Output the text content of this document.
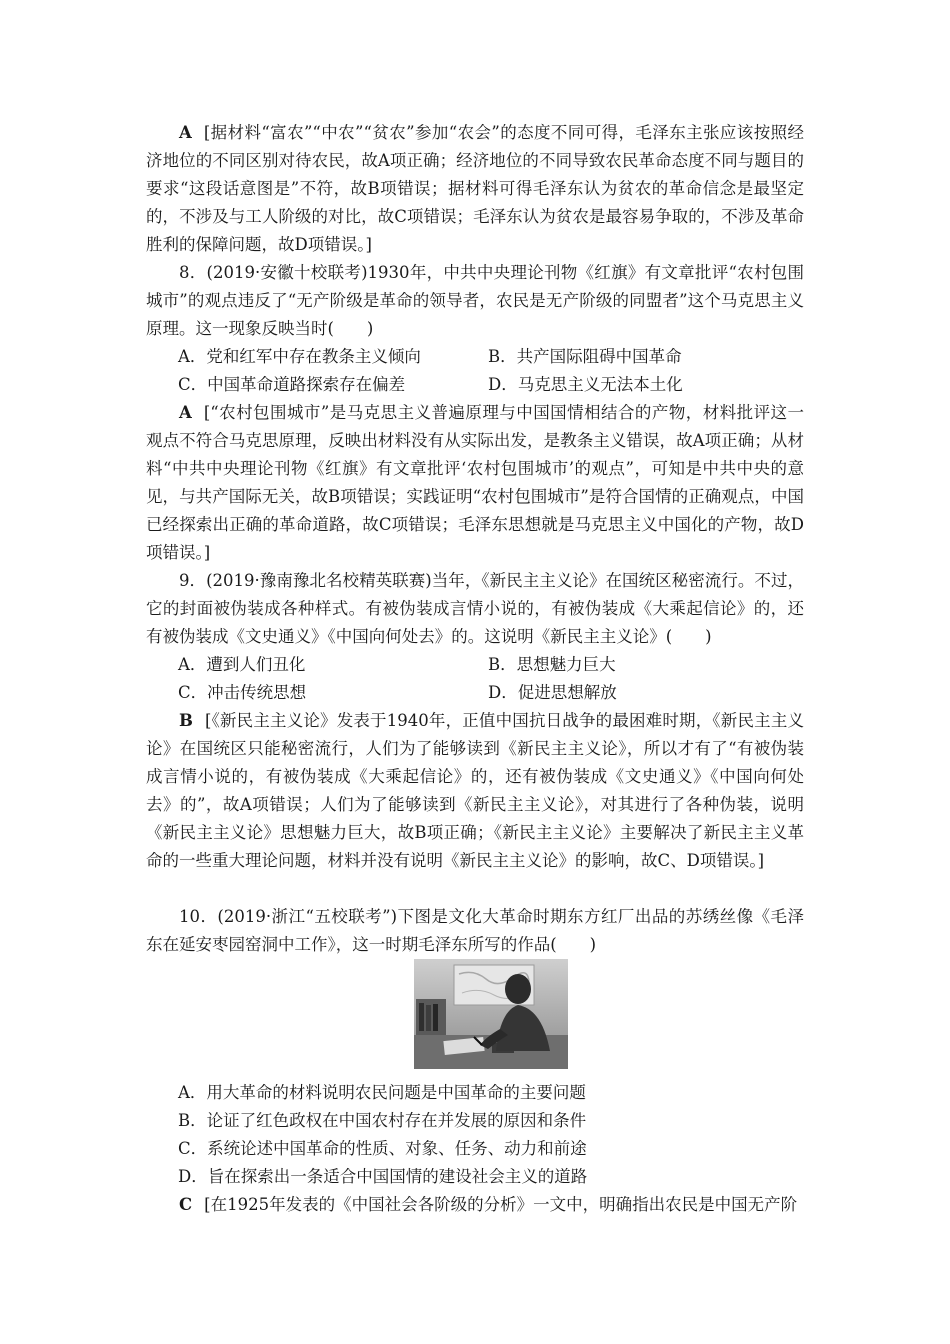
A [据材料“富农”“中农”“贫农”参加“农会”的态度不同可得，毛泽东主张应该按照经济地位的不同区别对待农民，故A项正确；经济地位的不同导致农民革命态度不同与题目的要求“这段话意图是”不符，故B项错误；据材料可得毛泽东认为贫农的革命信念是最坚定的，不涉及与工人阶级的对比，故C项错误；毛泽东认为贫农是最容易争取的，不涉及革命胜利的保障问题，故D项错误。]

8．(2019·安徽十校联考)1930年，中共中央理论刊物《红旗》有文章批评“农村包围城市”的观点违反了“无产阶级是革命的领导者，农民是无产阶级的同盟者”这个马克思主义原理。这一现象反映当时(　　)

A．党和红军中存在教条主义倾向	B．共产国际阻碍中国革命
C．中国革命道路探索存在偏差	D．马克思主义无法本土化

A [“农村包围城市”是马克思主义普遍原理与中国国情相结合的产物，材料批评这一观点不符合马克思原理，反映出材料没有从实际出发，是教条主义错误，故A项正确；从材料“中共中央理论刊物《红旗》有文章批评‘农村包围城市’的观点”，可知是中共中央的意见，与共产国际无关，故B项错误；实践证明“农村包围城市”是符合国情的正确观点，中国已经探索出正确的革命道路，故C项错误；毛泽东思想就是马克思主义中国化的产物，故D项错误。]

9．(2019·豫南豫北名校精英联赛)当年，《新民主主义论》在国统区秘密流行。不过，它的封面被伪装成各种样式。有被伪装成言情小说的，有被伪装成《大乘起信论》的，还有被伪装成《文史通义》《中国向何处去》的。这说明《新民主主义论》(　　)

A．遭到人们丑化	B．思想魅力巨大
C．冲击传统思想	D．促进思想解放

B [《新民主主义论》发表于1940年，正值中国抗日战争的最困难时期，《新民主主义论》在国统区只能秘密流行，人们为了能够读到《新民主主义论》，所以才有了“有被伪装成言情小说的，有被伪装成《大乘起信论》的，还有被伪装成《文史通义》《中国向何处去》的”，故A项错误；人们为了能够读到《新民主主义论》，对其进行了各种伪装，说明《新民主主义论》思想魅力巨大，故B项正确；《新民主主义论》主要解决了新民主主义革命的一些重大理论问题，材料并没有说明《新民主主义论》的影响，故C、D项错误。]

10．(2019·浙江“五校联考”)下图是文化大革命时期东方红厂出品的苏绣丝像《毛泽东在延安枣园窑洞中工作》，这一时期毛泽东所写的作品(　　)

A．用大革命的材料说明农民问题是中国革命的主要问题
B．论证了红色政权在中国农村存在并发展的原因和条件
C．系统论述中国革命的性质、对象、任务、动力和前途
D．旨在探索出一条适合中国国情的建设社会主义的道路

C [在1925年发表的《中国社会各阶级的分析》一文中，明确指出农民是中国无产阶
